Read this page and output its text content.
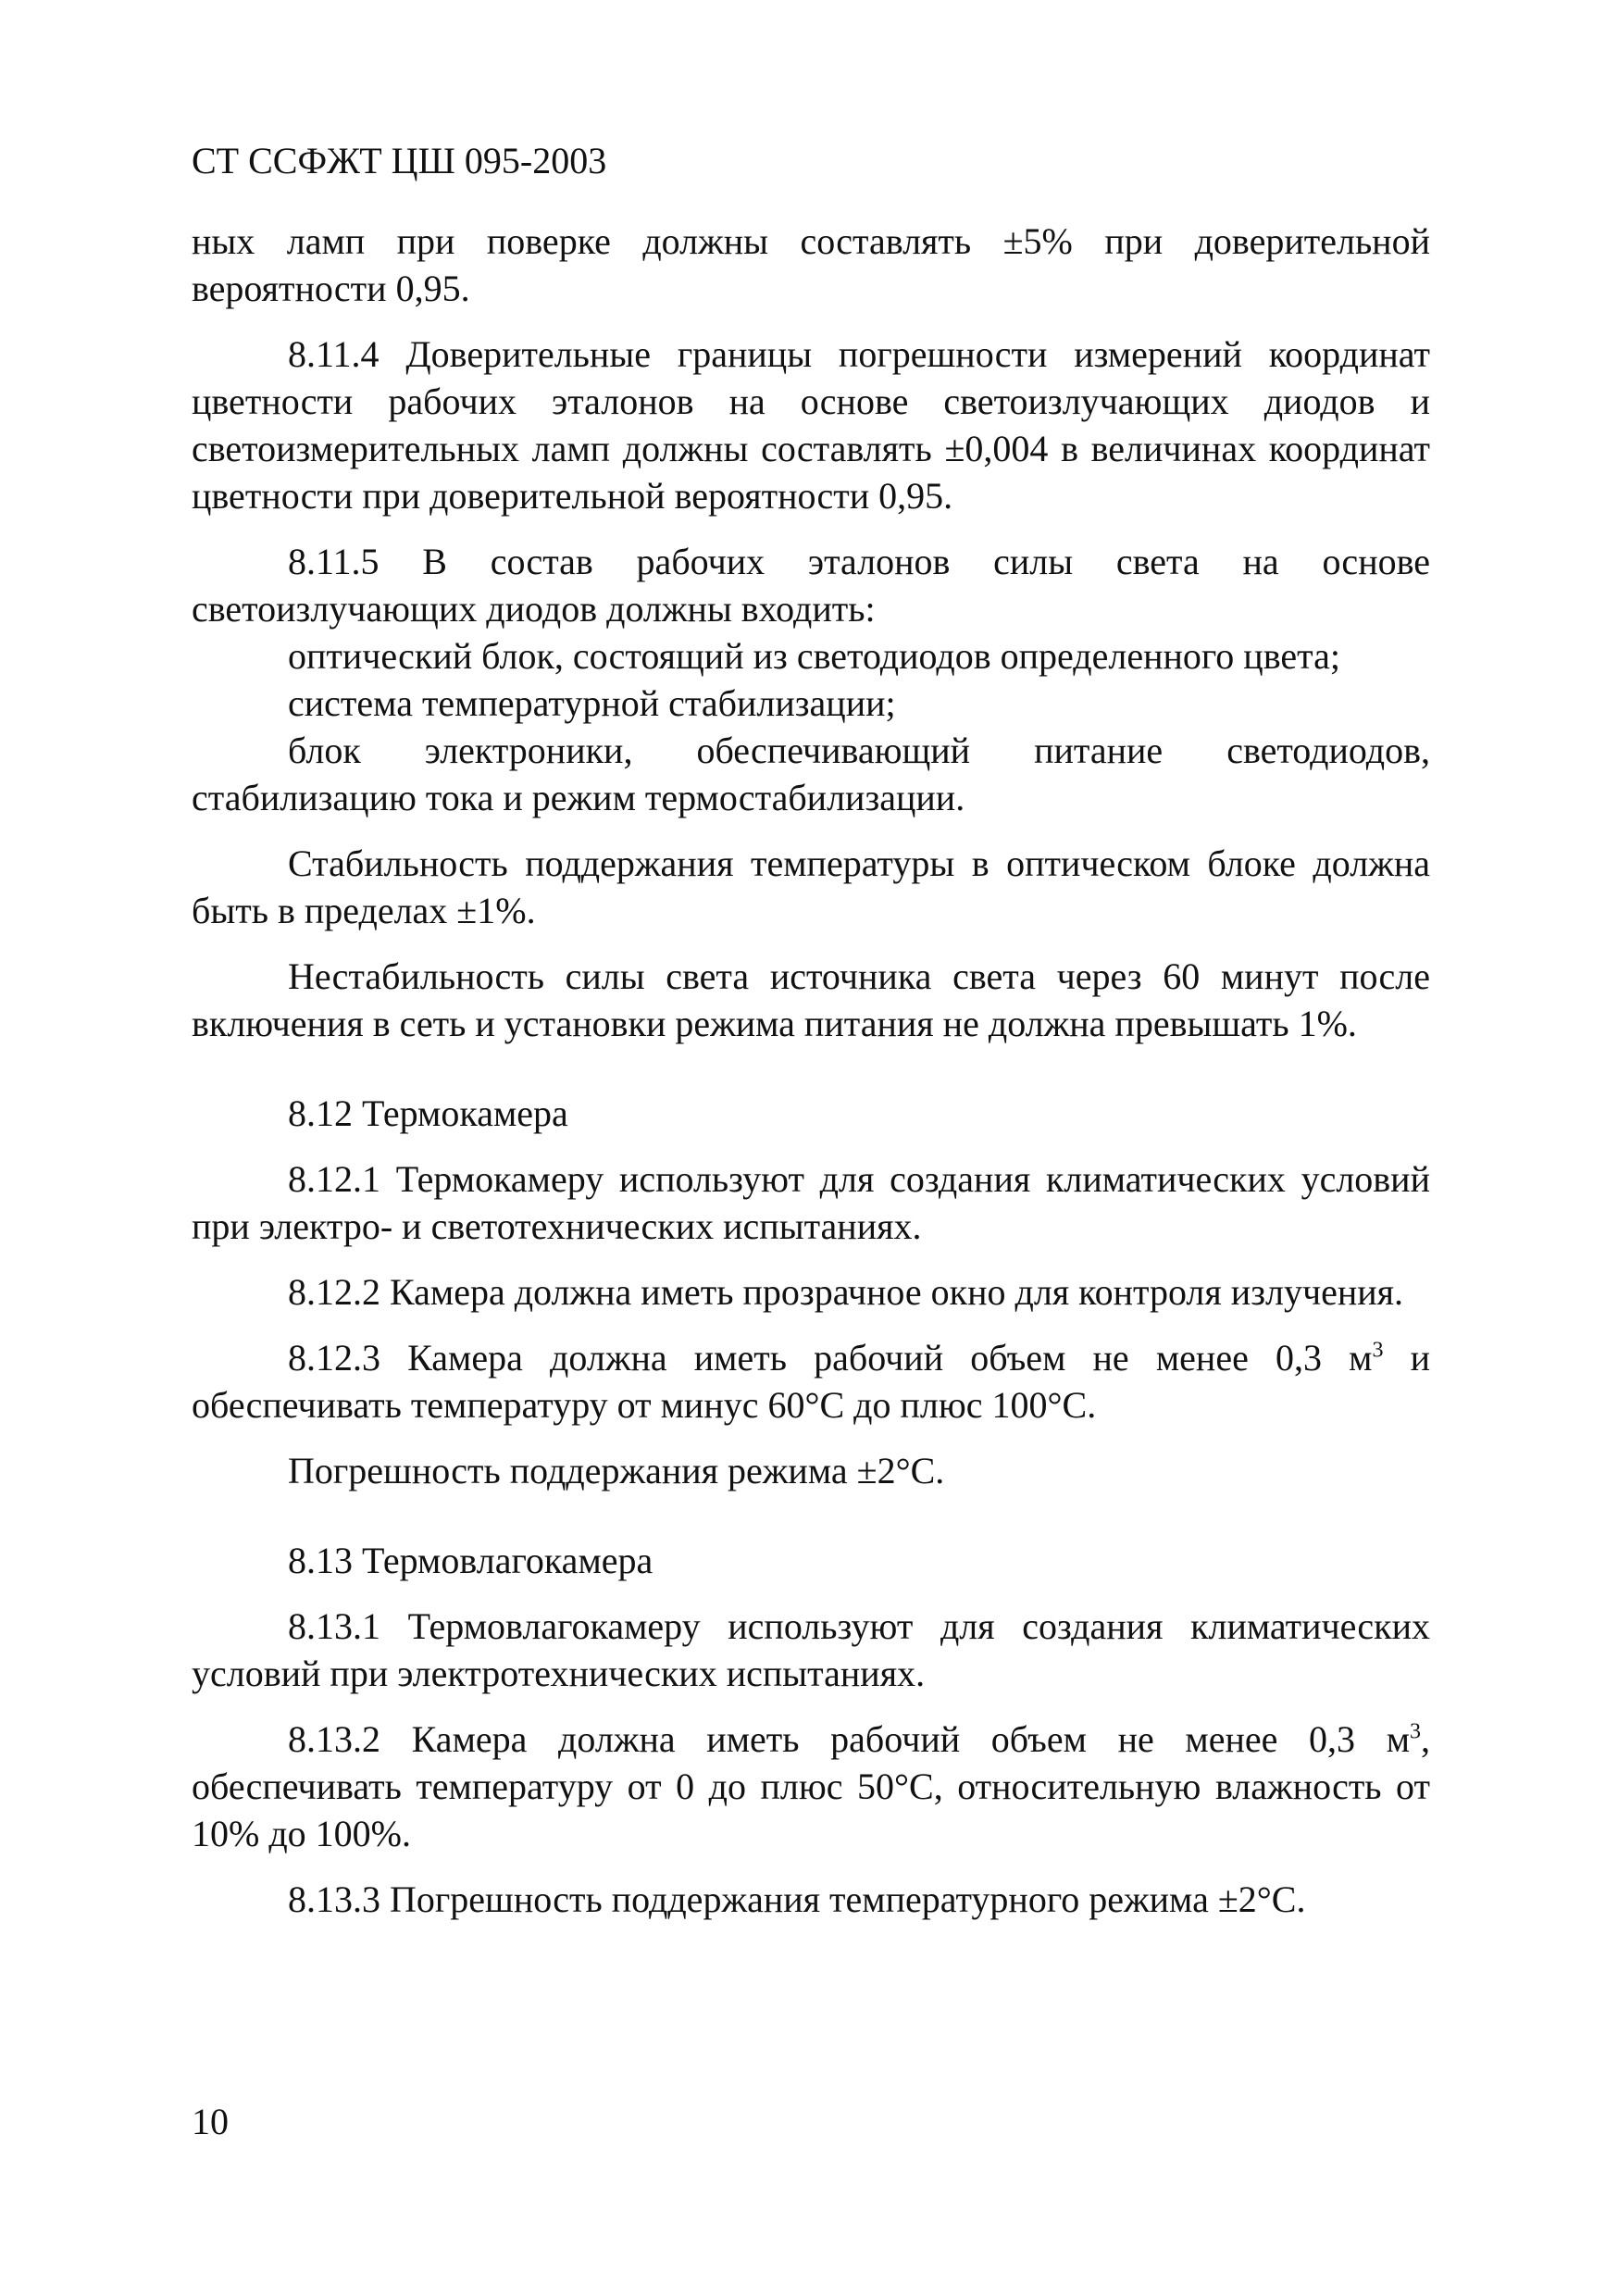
СТ ССФЖТ ЦШ 095-2003

ных ламп при поверке должны составлять ±5% при доверительной вероятности 0,95.

8.11.4 Доверительные границы погрешности измерений координат цветности рабочих эталонов на основе светоизлучающих диодов и светоизмерительных ламп должны составлять ±0,004 в величинах координат цветности при доверительной вероятности 0,95.

8.11.5 В состав рабочих эталонов силы света на основе светоизлучающих диодов должны входить:

оптический блок, состоящий из светодиодов определенного цвета;

система температурной стабилизации;

блок электроники, обеспечивающий питание светодиодов, стабилизацию тока и режим термостабилизации.

Стабильность поддержания температуры в оптическом блоке должна быть в пределах ±1%.

Нестабильность силы света источника света через 60 минут после включения в сеть и установки режима питания не должна превышать 1%.

8.12 Термокамера

8.12.1 Термокамеру используют для создания климатических условий при электро- и светотехнических испытаниях.

8.12.2 Камера должна иметь прозрачное окно для контроля излучения.

8.12.3 Камера должна иметь рабочий объем не менее 0,3 $м^3$ и обеспечивать температуру от минус 60°С до плюс 100°С.

Погрешность поддержания режима ±2°С.

8.13 Термовлагокамера

8.13.1 Термовлагокамеру используют для создания климатических условий при электротехнических испытаниях.

8.13.2 Камера должна иметь рабочий объем не менее 0,3 $м^3$, обеспечивать температуру от 0 до плюс 50°С, относительную влажность от 10% до 100%.

8.13.3 Погрешность поддержания температурного режима ±2°С.

10
